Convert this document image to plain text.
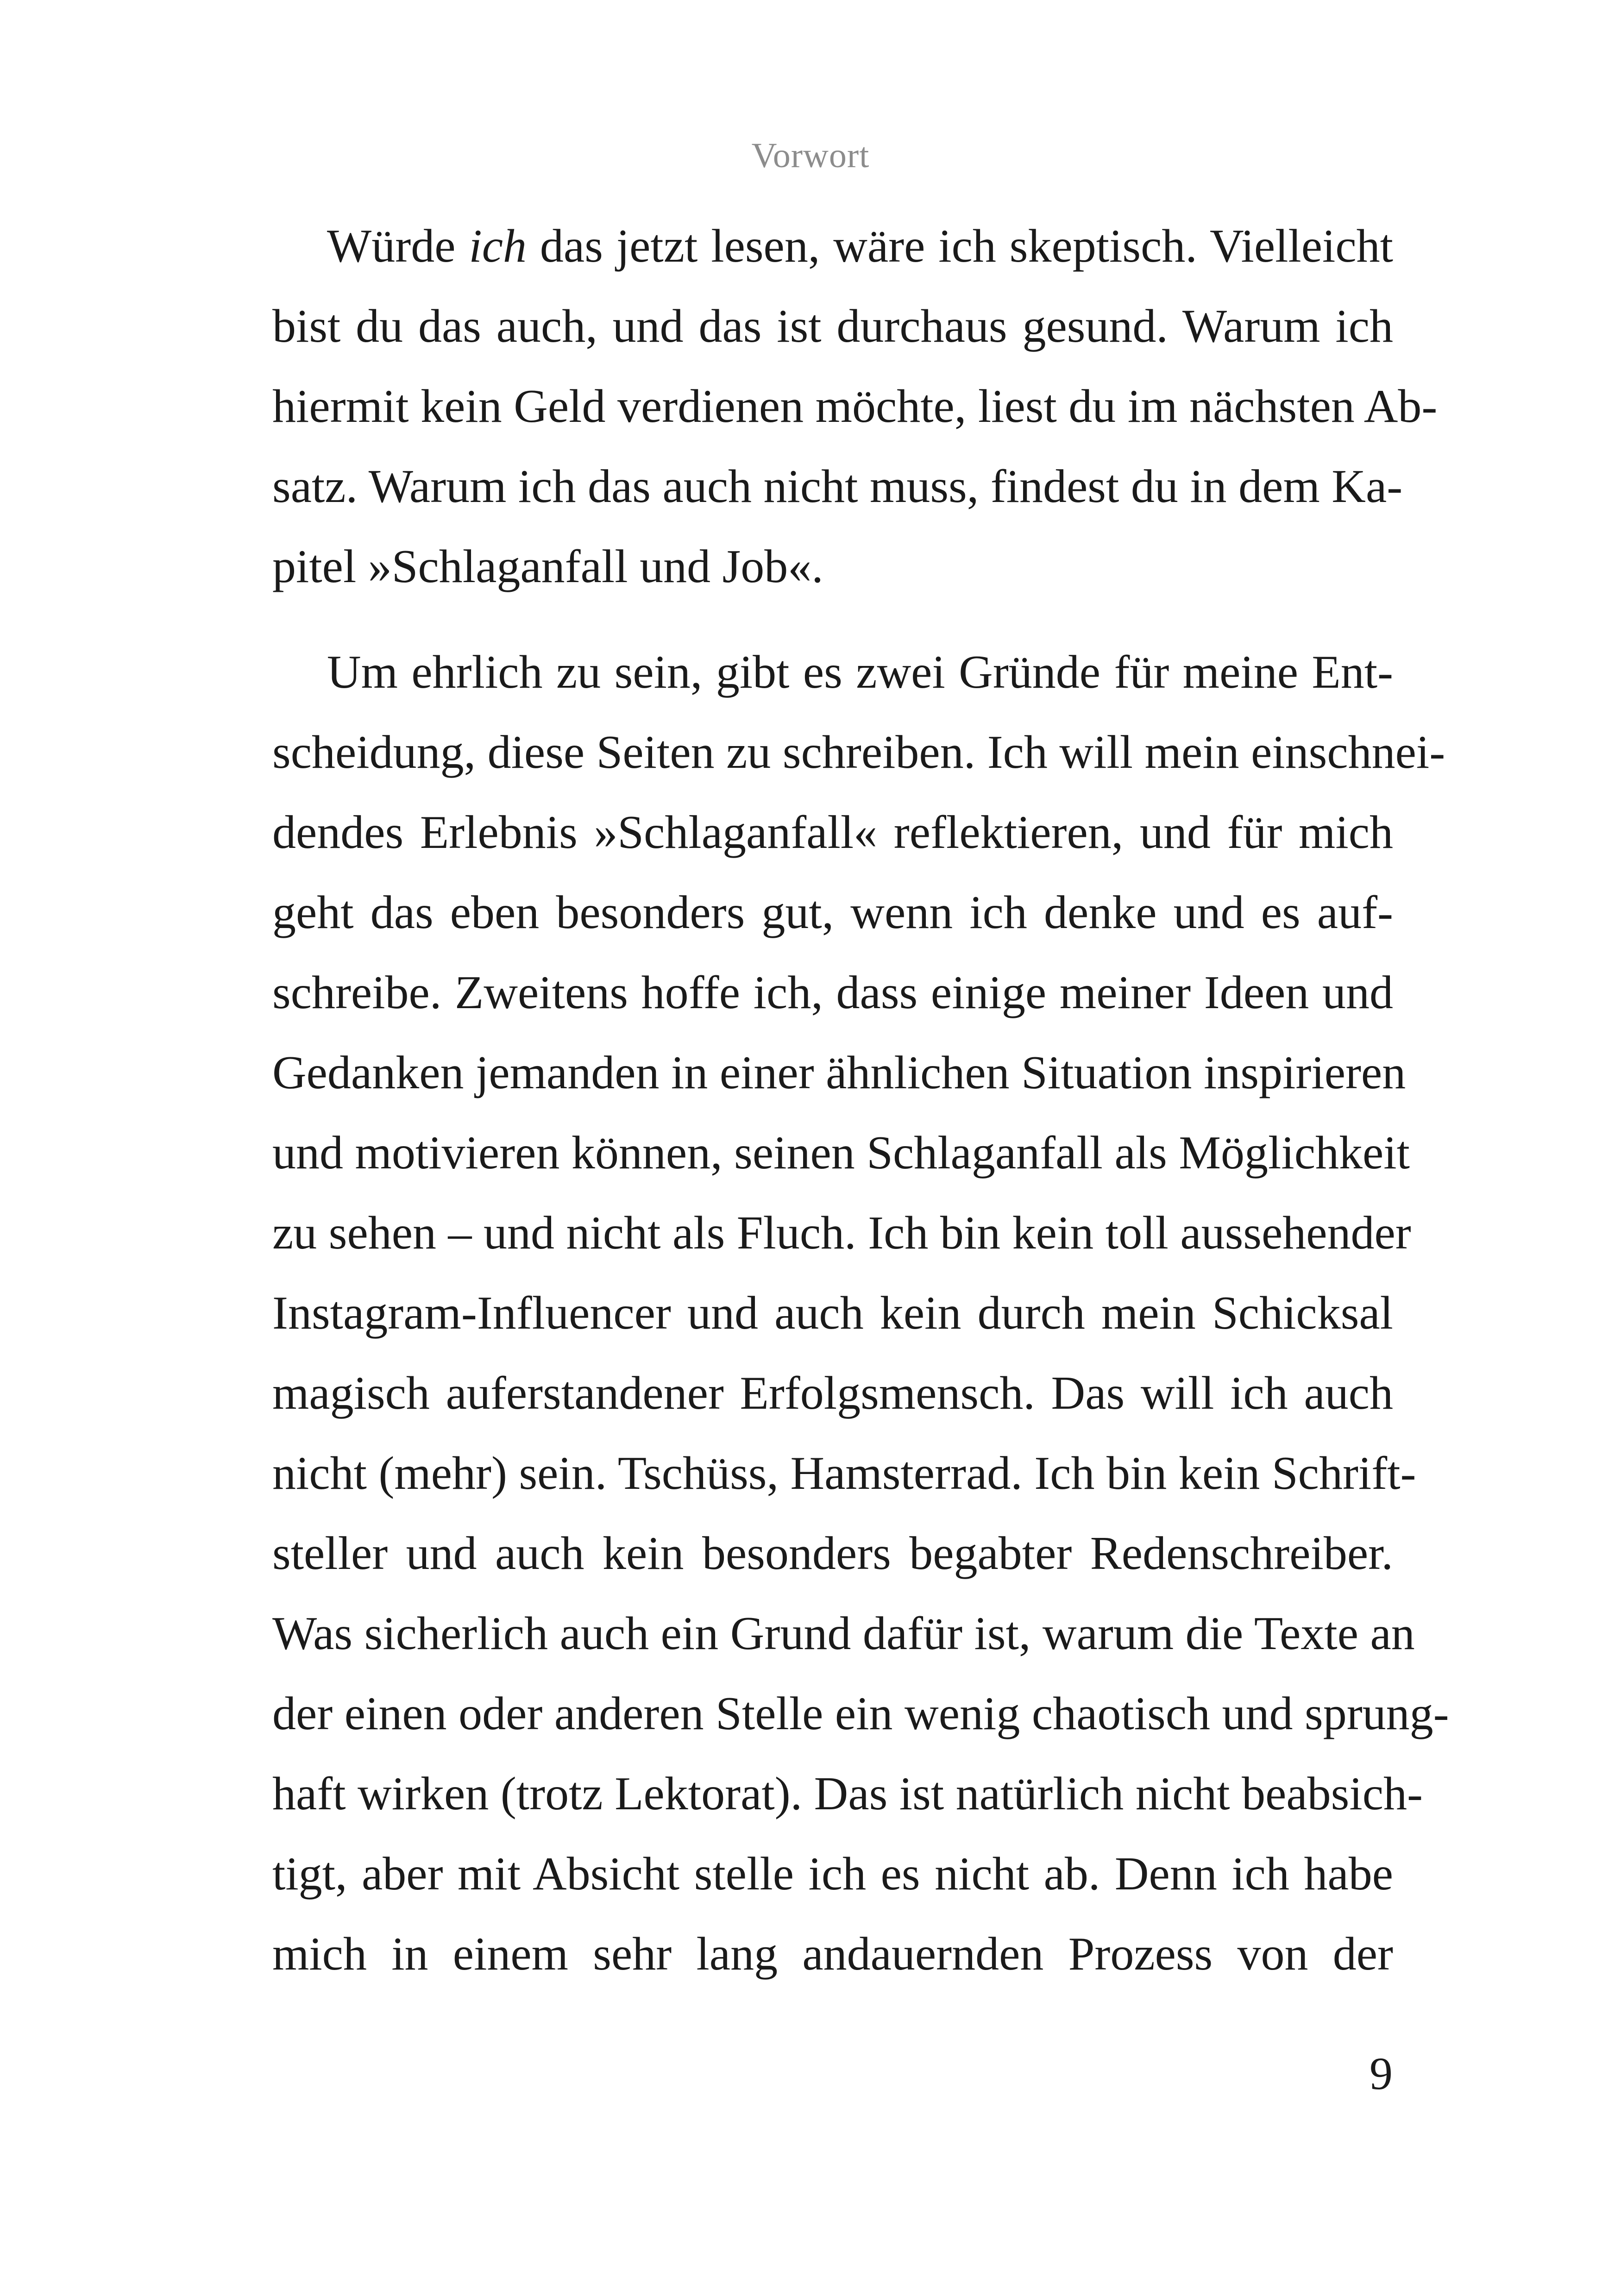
Vorwort
Würde ich das jetzt lesen, wäre ich skeptisch. Vielleicht
bist du das auch, und das ist durchaus gesund. Warum ich
hiermit kein Geld verdienen möchte, liest du im nächsten Ab-
satz. Warum ich das auch nicht muss, findest du in dem Ka-
pitel »Schlaganfall und Job«.
Um ehrlich zu sein, gibt es zwei Gründe für meine Ent-
scheidung, diese Seiten zu schreiben. Ich will mein einschnei-
dendes Erlebnis »Schlaganfall« reflektieren, und für mich
geht das eben besonders gut, wenn ich denke und es auf-
schreibe. Zweitens hoffe ich, dass einige meiner Ideen und
Gedanken jemanden in einer ähnlichen Situation inspirieren
und motivieren können, seinen Schlaganfall als Möglichkeit
zu sehen – und nicht als Fluch. Ich bin kein toll aussehender
Instagram-Influencer und auch kein durch mein Schicksal
magisch auferstandener Erfolgsmensch. Das will ich auch
nicht (mehr) sein. Tschüss, Hamsterrad. Ich bin kein Schrift-
steller und auch kein besonders begabter Redenschreiber.
Was sicherlich auch ein Grund dafür ist, warum die Texte an
der einen oder anderen Stelle ein wenig chaotisch und sprung-
haft wirken (trotz Lektorat). Das ist natürlich nicht beabsich-
tigt, aber mit Absicht stelle ich es nicht ab. Denn ich habe
mich in einem sehr lang andauernden Prozess von der
9
